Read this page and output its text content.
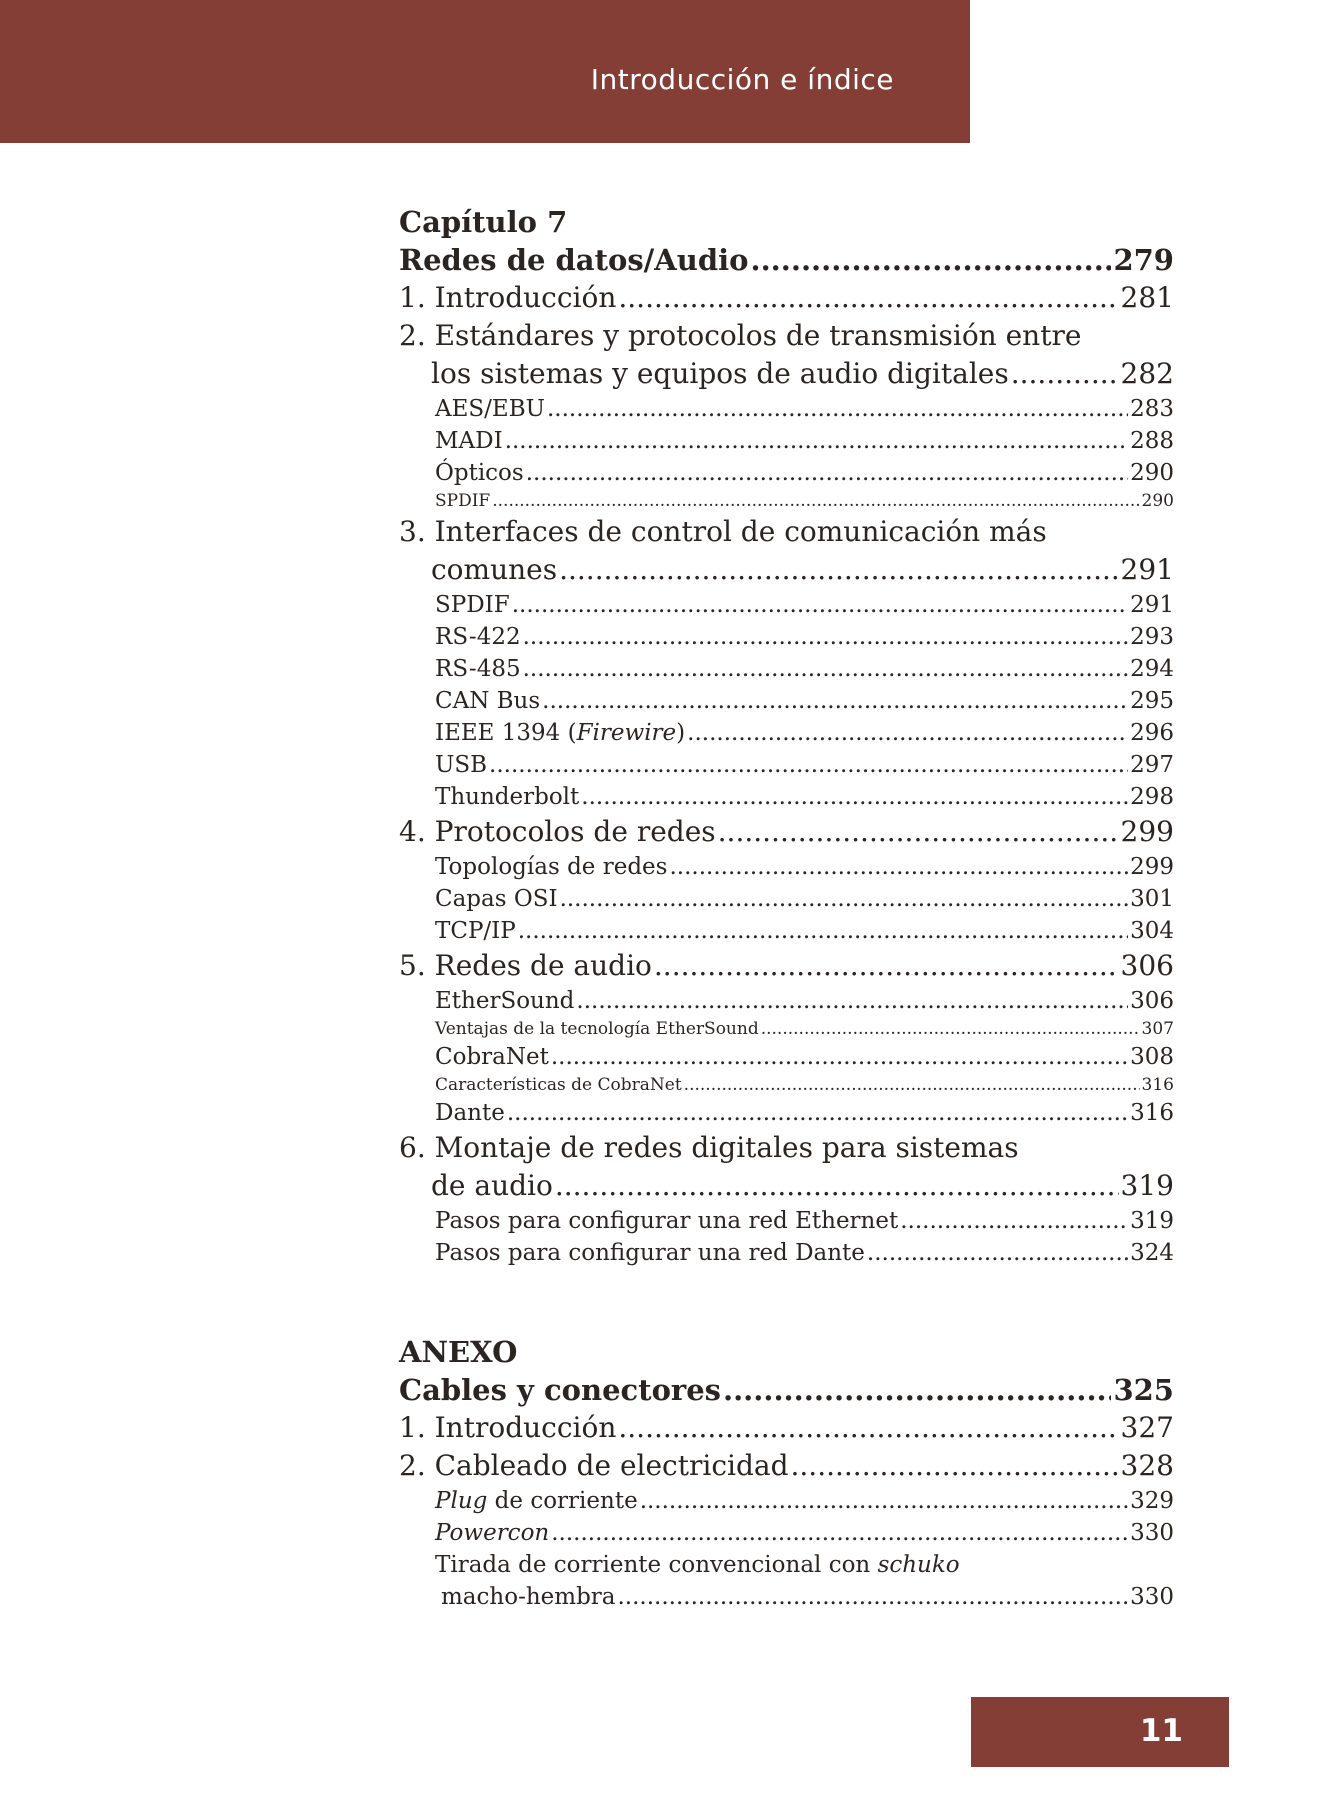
Introducción e índice
Capítulo 7
Redes de datos/Audio .....	279
1. Introducción .....	281
2. Estándares y protocolos de transmisión entre
los sistemas y equipos de audio digitales .....	282
AES/EBU .....	283
MADI .....	288
Ópticos .....	290
SPDIF .....	290
3. Interfaces de control de comunicación más
comunes .....	291
SPDIF .....	291
RS-422 .....	293
RS-485 .....	294
CAN Bus .....	295
IEEE 1394 (Firewire) .....	296
USB .....	297
Thunderbolt .....	298
4. Protocolos de redes .....	299
Topologías de redes .....	299
Capas OSI .....	301
TCP/IP .....	304
5. Redes de audio .....	306
EtherSound .....	306
Ventajas de la tecnología EtherSound .....	307
CobraNet .....	308
Características de CobraNet .....	316
Dante .....	316
6. Montaje de redes digitales para sistemas
de audio .....	319
Pasos para configurar una red Ethernet .....	319
Pasos para configurar una red Dante .....	324
ANEXO
Cables y conectores .....	325
1. Introducción .....	327
2. Cableado de electricidad .....	328
Plug de corriente .....	329
Powercon .....	330
Tirada de corriente convencional con schuko
macho-hembra .....	330
11
